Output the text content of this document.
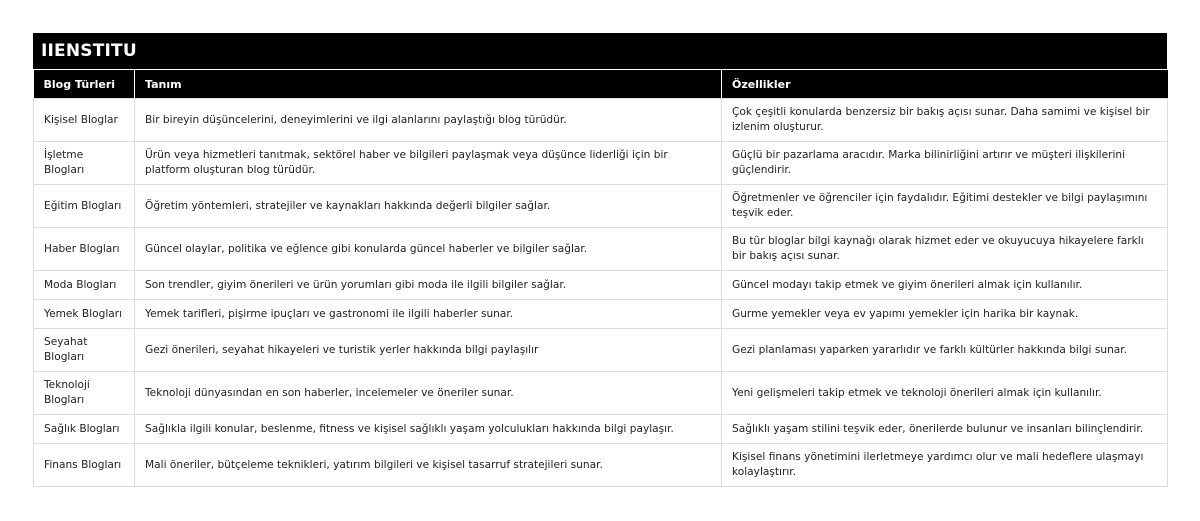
IIENSTITU
Blog Türleri	Tanım	Özellikler
Kişisel Bloglar	Bir bireyin düşüncelerini, deneyimlerini ve ilgi alanlarını paylaştığı blog türüdür.	Çok çeşitli konularda benzersiz bir bakış açısı sunar. Daha samimi ve kişisel bir izlenim oluşturur.
İşletme Blogları	Ürün veya hizmetleri tanıtmak, sektörel haber ve bilgileri paylaşmak veya düşünce liderliği için bir platform oluşturan blog türüdür.	Güçlü bir pazarlama aracıdır. Marka bilinirliğini artırır ve müşteri ilişkilerini güçlendirir.
Eğitim Blogları	Öğretim yöntemleri, stratejiler ve kaynakları hakkında değerli bilgiler sağlar.	Öğretmenler ve öğrenciler için faydalıdır. Eğitimi destekler ve bilgi paylaşımını teşvik eder.
Haber Blogları	Güncel olaylar, politika ve eğlence gibi konularda güncel haberler ve bilgiler sağlar.	Bu tür bloglar bilgi kaynağı olarak hizmet eder ve okuyucuya hikayelere farklı bir bakış açısı sunar.
Moda Blogları	Son trendler, giyim önerileri ve ürün yorumları gibi moda ile ilgili bilgiler sağlar.	Güncel modayı takip etmek ve giyim önerileri almak için kullanılır.
Yemek Blogları	Yemek tarifleri, pişirme ipuçları ve gastronomi ile ilgili haberler sunar.	Gurme yemekler veya ev yapımı yemekler için harika bir kaynak.
Seyahat Blogları	Gezi önerileri, seyahat hikayeleri ve turistik yerler hakkında bilgi paylaşılır	Gezi planlaması yaparken yararlıdır ve farklı kültürler hakkında bilgi sunar.
Teknoloji Blogları	Teknoloji dünyasından en son haberler, incelemeler ve öneriler sunar.	Yeni gelişmeleri takip etmek ve teknoloji önerileri almak için kullanılır.
Sağlık Blogları	Sağlıkla ilgili konular, beslenme, fitness ve kişisel sağlıklı yaşam yolculukları hakkında bilgi paylaşır.	Sağlıklı yaşam stilini teşvik eder, önerilerde bulunur ve insanları bilinçlendirir.
Finans Blogları	Mali öneriler, bütçeleme teknikleri, yatırım bilgileri ve kişisel tasarruf stratejileri sunar.	Kişisel finans yönetimini ilerletmeye yardımcı olur ve mali hedeflere ulaşmayı kolaylaştırır.
